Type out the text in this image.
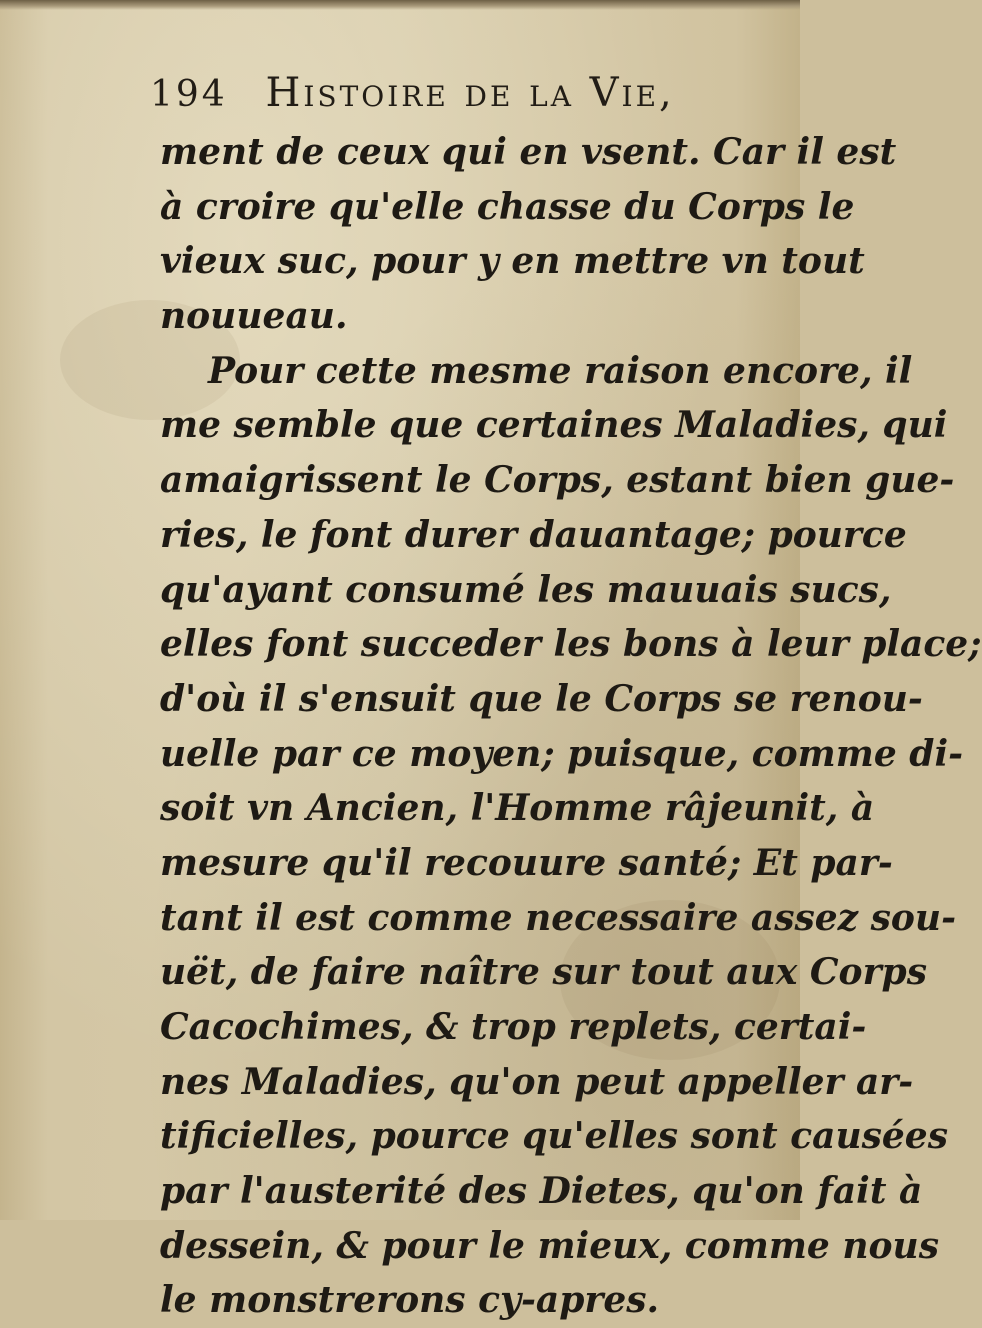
194 Histoire de la Vie,
ment de ceux qui en vsent. Car il est
à croire qu'elle chasse du Corps le
vieux suc, pour y en mettre vn tout
nouueau.
Pour cette mesme raison encore, il
me semble que certaines Maladies, qui
amaigrissent le Corps, estant bien gue-
ries, le font durer dauantage; pource
qu'ayant consumé les mauuais sucs,
elles font succeder les bons à leur place;
d'où il s'ensuit que le Corps se renou-
uelle par ce moyen; puisque, comme di-
soit vn Ancien, l'Homme râjeunit, à
mesure qu'il recouure santé; Et par-
tant il est comme necessaire assez sou-
uët, de faire naître sur tout aux Corps
Cacochimes, & trop replets, certai-
nes Maladies, qu'on peut appeller ar-
tificielles, pource qu'elles sont causées
par l'austerité des Dietes, qu'on fait à
dessein, & pour le mieux, comme nous
le monstrerons cy-apres.
